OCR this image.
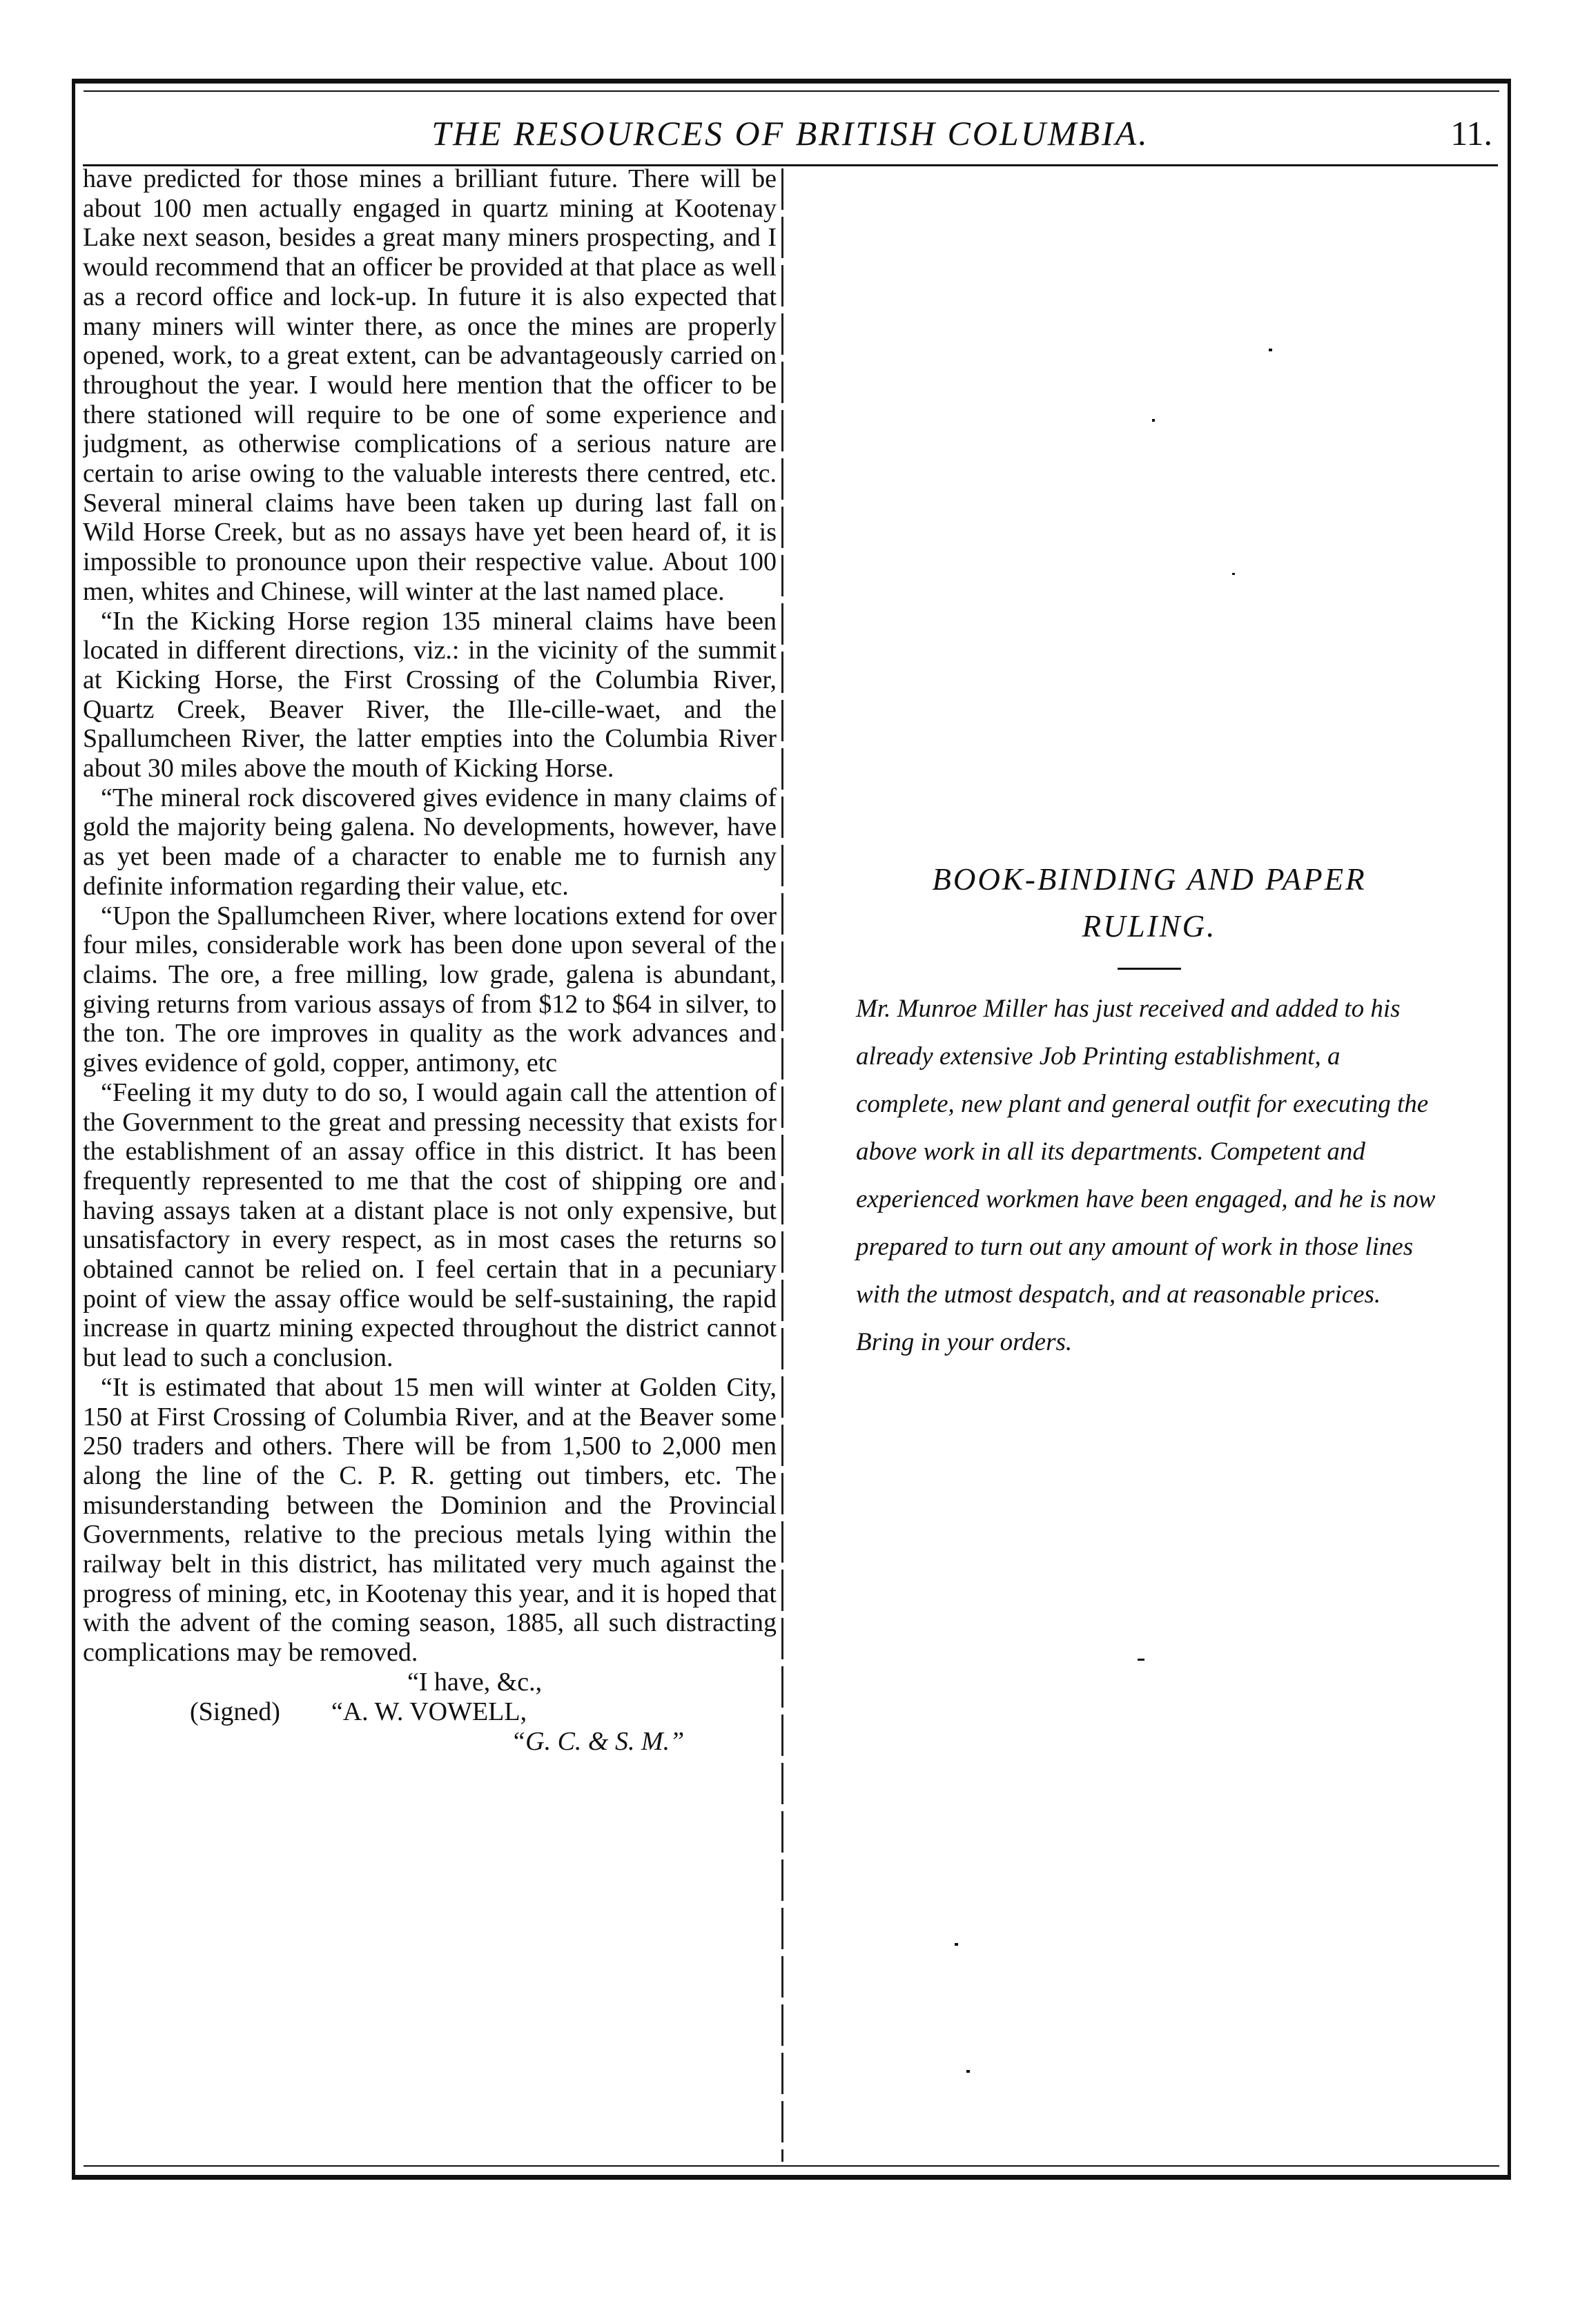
THE RESOURCES OF BRITISH COLUMBIA.	11.

have predicted for those mines a brilliant future. There will be about 100 men actually engaged in quartz mining at Kootenay Lake next season, besides a great many miners prospecting, and I would recommend that an officer be provided at that place as well as a record office and lock-up. In future it is also expected that many miners will winter there, as once the mines are properly opened, work, to a great extent, can be advantageously carried on throughout the year. I would here mention that the officer to be there stationed will require to be one of some experience and judgment, as otherwise complications of a serious nature are certain to arise owing to the valuable interests there centred, etc. Several mineral claims have been taken up during last fall on Wild Horse Creek, but as no assays have yet been heard of, it is impossible to pronounce upon their respective value. About 100 men, whites and Chinese, will winter at the last named place.

“In the Kicking Horse region 135 mineral claims have been located in different directions, viz.: in the vicinity of the summit at Kicking Horse, the First Crossing of the Columbia River, Quartz Creek, Beaver River, the Ille-cille-waet, and the Spallumcheen River, the latter empties into the Columbia River about 30 miles above the mouth of Kicking Horse.

“The mineral rock discovered gives evidence in many claims of gold the majority being galena. No developments, however, have as yet been made of a character to enable me to furnish any definite information regarding their value, etc.

“Upon the Spallumcheen River, where locations extend for over four miles, considerable work has been done upon several of the claims. The ore, a free milling, low grade, galena is abundant, giving returns from various assays of from $12 to $64 in silver, to the ton. The ore improves in quality as the work advances and gives evidence of gold, copper, antimony, etc

“Feeling it my duty to do so, I would again call the attention of the Government to the great and pressing necessity that exists for the establishment of an assay office in this district. It has been frequently represented to me that the cost of shipping ore and having assays taken at a distant place is not only expensive, but unsatisfactory in every respect, as in most cases the returns so obtained cannot be relied on. I feel certain that in a pecuniary point of view the assay office would be self-sustaining, the rapid increase in quartz mining expected throughout the district cannot but lead to such a conclusion.

“It is estimated that about 15 men will winter at Golden City, 150 at First Crossing of Columbia River, and at the Beaver some 250 traders and others. There will be from 1,500 to 2,000 men along the line of the C. P. R. getting out timbers, etc. The misunderstanding between the Dominion and the Provincial Governments, relative to the precious metals lying within the railway belt in this district, has militated very much against the progress of mining, etc, in Kootenay this year, and it is hoped that with the advent of the coming season, 1885, all such distracting complications may be removed.

“I have, &c.,
(Signed) “A. W. VOWELL,
“G. C. & S. M.”

BOOK-BINDING AND PAPER

RULING.

Mr. Munroe Miller has just received and added to his already extensive Job Printing establishment, a complete, new plant and general outfit for executing the above work in all its departments. Competent and experienced workmen have been engaged, and he is now prepared to turn out any amount of work in those lines with the utmost despatch, and at reasonable prices. Bring in your orders.
